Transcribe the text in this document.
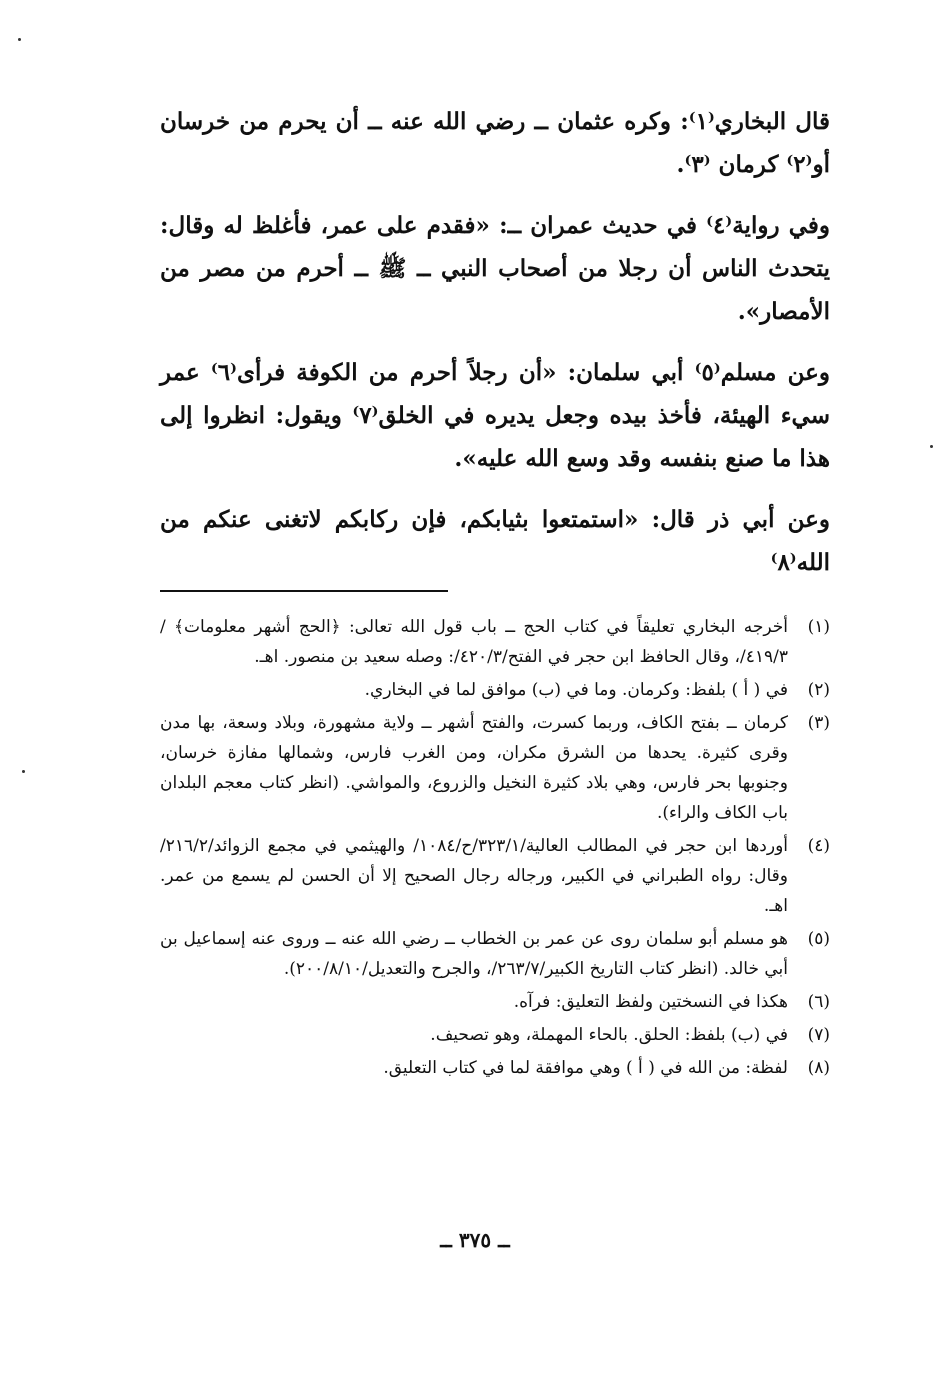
قال البخاري⁽١⁾: وكره عثمان ــ رضي الله عنه ــ أن يحرم من خرسان أو⁽٢⁾ كرمان ⁽٣⁾.

وفي رواية⁽٤⁾ في حديث عمران ــ: «فقدم على عمر، فأغلظ له وقال: يتحدث الناس أن رجلا من أصحاب النبي ــ ﷺ ــ أحرم من مصر من الأمصار».

وعن مسلم⁽٥⁾ أبي سلمان: «أن رجلاً أحرم من الكوفة فرأى⁽٦⁾ عمر سيء الهيئة، فأخذ بيده وجعل يديره في الخلق⁽٧⁾ ويقول: انظروا إلى هذا ما صنع بنفسه وقد وسع الله عليه».

وعن أبي ذر قال: «استمتعوا بثيابكم، فإن ركابكم لاتغنى عنكم من الله⁽٨⁾

(١)
أخرجه البخاري تعليقاً في كتاب الحج ــ باب قول الله تعالى: ﴿الحج أشهر معلومات﴾ /٤١٩/٣/، وقال الحافظ ابن حجر في الفتح/٤٢٠/٣/: وصله سعيد بن منصور. اهـ.
(٢)
في ( أ ) بلفظ: وكرمان. وما في (ب) موافق لما في البخاري.
(٣)
كرمان ــ بفتح الكاف، وربما كسرت، والفتح أشهر ــ ولاية مشهورة، وبلاد وسعة، بها مدن وقرى كثيرة. يحدها من الشرق مكران، ومن الغرب فارس، وشمالها مفازة خرسان، وجنوبها بحر فارس، وهي بلاد كثيرة النخيل والزروع، والمواشي. (انظر كتاب معجم البلدان باب الكاف والراء).
(٤)
أوردها ابن حجر في المطالب العالية/٣٢٣/١/ح/١٠٨٤/ والهيثمي في مجمع الزوائد/٢١٦/٢/ وقال: رواه الطبراني في الكبير، ورجاله رجال الصحيح إلا أن الحسن لم يسمع من عمر. اهـ.
(٥)
هو مسلم أبو سلمان روى عن عمر بن الخطاب ــ رضي الله عنه ــ وروى عنه إسماعيل بن أبي خالد. (انظر كتاب التاريخ الكبير/٢٦٣/٧/، والجرح والتعديل/٢٠٠/٨/١٠).
(٦)
هكذا في النسختين ولفظ التعليق: فرآه.
(٧)
في (ب) بلفظ: الحلق. بالحاء المهملة، وهو تصحيف.
(٨)
لفظة: من الله في ( أ ) وهي موافقة لما في كتاب التعليق.
ــ ٣٧٥ ــ
